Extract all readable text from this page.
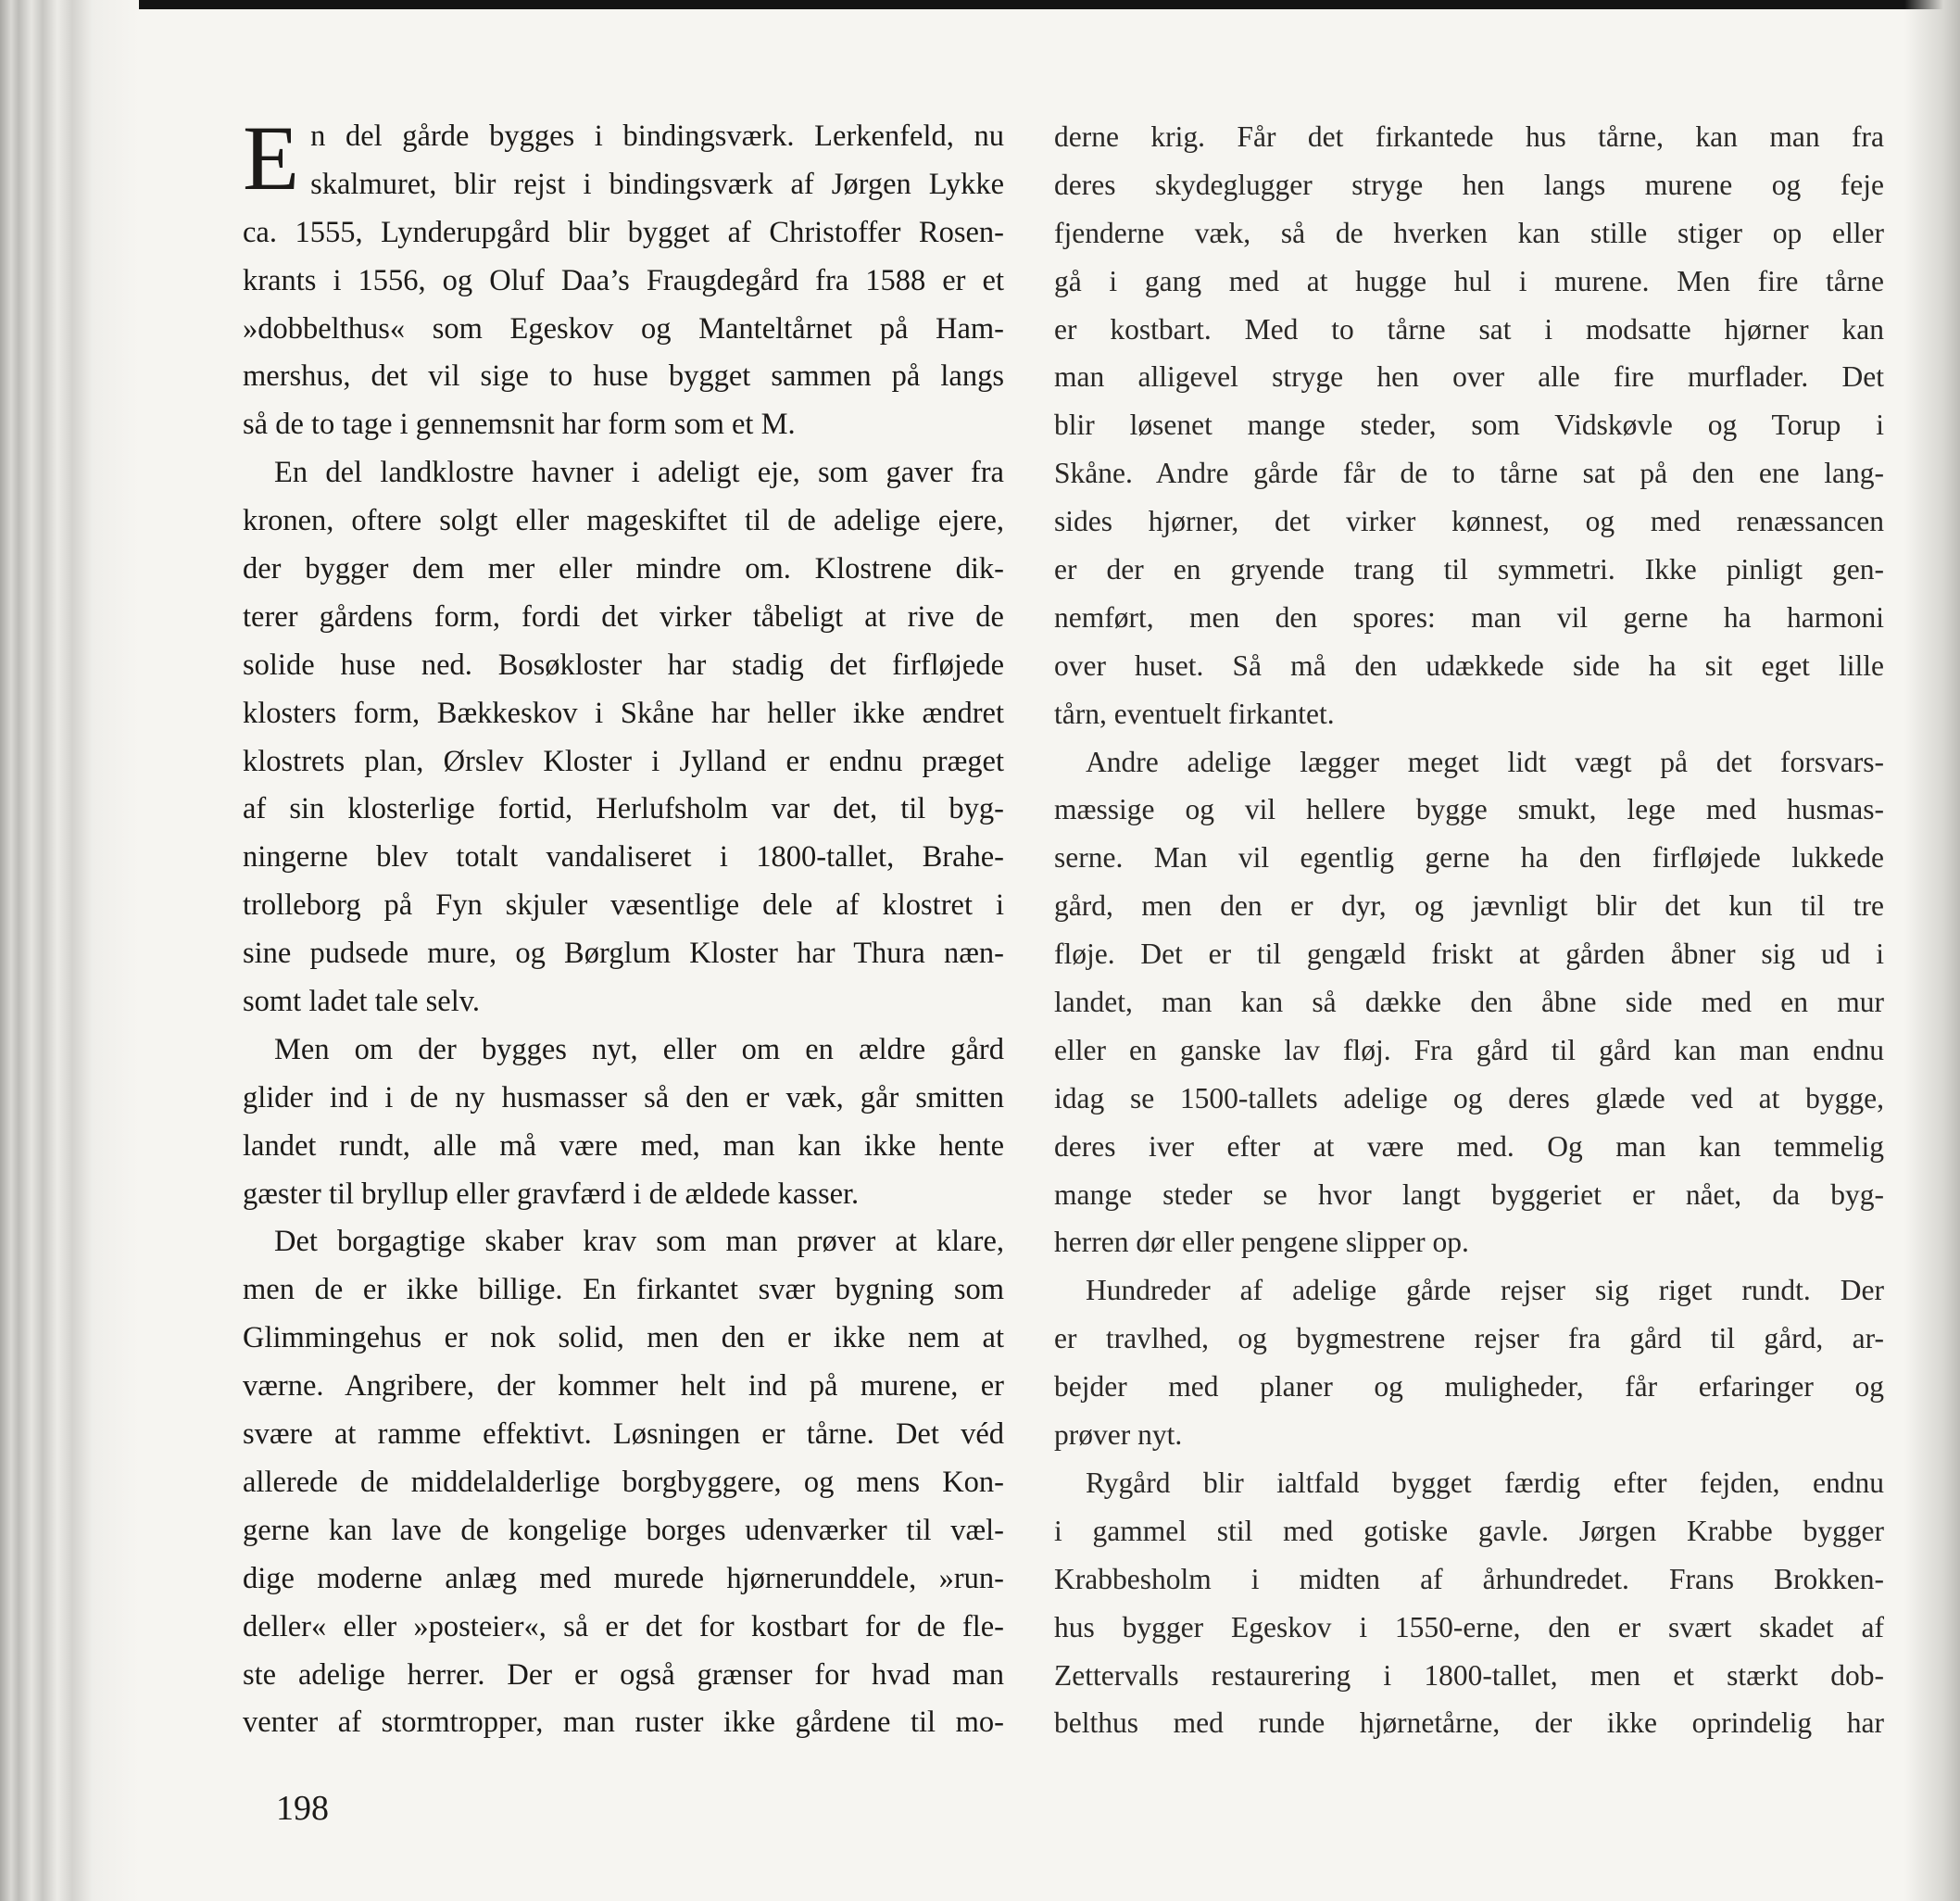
E n del gårde bygges i bindingsværk. Lerkenfeld, nu
skalmuret, blir rejst i bindingsværk af Jørgen Lykke
ca. 1555, Lynderupgård blir bygget af Christoffer Rosen-
krants i 1556, og Oluf Daa’s Fraugdegård fra 1588 er et
»dobbelthus« som Egeskov og Manteltårnet på Ham-
mershus, det vil sige to huse bygget sammen på langs
så de to tage i gennemsnit har form som et M.
En del landklostre havner i adeligt eje, som gaver fra
kronen, oftere solgt eller mageskiftet til de adelige ejere,
der bygger dem mer eller mindre om. Klostrene dik-
terer gårdens form, fordi det virker tåbeligt at rive de
solide huse ned. Bosøkloster har stadig det firfløjede
klosters form, Bækkeskov i Skåne har heller ikke ændret
klostrets plan, Ørslev Kloster i Jylland er endnu præget
af sin klosterlige fortid, Herlufsholm var det, til byg-
ningerne blev totalt vandaliseret i 1800-tallet, Brahe-
trolleborg på Fyn skjuler væsentlige dele af klostret i
sine pudsede mure, og Børglum Kloster har Thura næn-
somt ladet tale selv.
Men om der bygges nyt, eller om en ældre gård
glider ind i de ny husmasser så den er væk, går smitten
landet rundt, alle må være med, man kan ikke hente
gæster til bryllup eller gravfærd i de ældede kasser.
Det borgagtige skaber krav som man prøver at klare,
men de er ikke billige. En firkantet svær bygning som
Glimmingehus er nok solid, men den er ikke nem at
værne. Angribere, der kommer helt ind på murene, er
svære at ramme effektivt. Løsningen er tårne. Det véd
allerede de middelalderlige borgbyggere, og mens Kon-
gerne kan lave de kongelige borges udenværker til væl-
dige moderne anlæg med murede hjørnerunddele, »run-
deller« eller »posteier«, så er det for kostbart for de fle-
ste adelige herrer. Der er også grænser for hvad man
venter af stormtropper, man ruster ikke gårdene til mo-
derne krig. Får det firkantede hus tårne, kan man fra
deres skydeglugger stryge hen langs murene og feje
fjenderne væk, så de hverken kan stille stiger op eller
gå i gang med at hugge hul i murene. Men fire tårne
er kostbart. Med to tårne sat i modsatte hjørner kan
man alligevel stryge hen over alle fire murflader. Det
blir løsenet mange steder, som Vidskøvle og Torup i
Skåne. Andre gårde får de to tårne sat på den ene lang-
sides hjørner, det virker kønnest, og med renæssancen
er der en gryende trang til symmetri. Ikke pinligt gen-
nemført, men den spores: man vil gerne ha harmoni
over huset. Så må den udækkede side ha sit eget lille
tårn, eventuelt firkantet.
Andre adelige lægger meget lidt vægt på det forsvars-
mæssige og vil hellere bygge smukt, lege med husmas-
serne. Man vil egentlig gerne ha den firfløjede lukkede
gård, men den er dyr, og jævnligt blir det kun til tre
fløje. Det er til gengæld friskt at gården åbner sig ud i
landet, man kan så dække den åbne side med en mur
eller en ganske lav fløj. Fra gård til gård kan man endnu
idag se 1500-tallets adelige og deres glæde ved at bygge,
deres iver efter at være med. Og man kan temmelig
mange steder se hvor langt byggeriet er nået, da byg-
herren dør eller pengene slipper op.
Hundreder af adelige gårde rejser sig riget rundt. Der
er travlhed, og bygmestrene rejser fra gård til gård, ar-
bejder med planer og muligheder, får erfaringer og
prøver nyt.
Rygård blir ialtfald bygget færdig efter fejden, endnu
i gammel stil med gotiske gavle. Jørgen Krabbe bygger
Krabbesholm i midten af århundredet. Frans Brokken-
hus bygger Egeskov i 1550-erne, den er svært skadet af
Zettervalls restaurering i 1800-tallet, men et stærkt dob-
belthus med runde hjørnetårne, der ikke oprindelig har
198
